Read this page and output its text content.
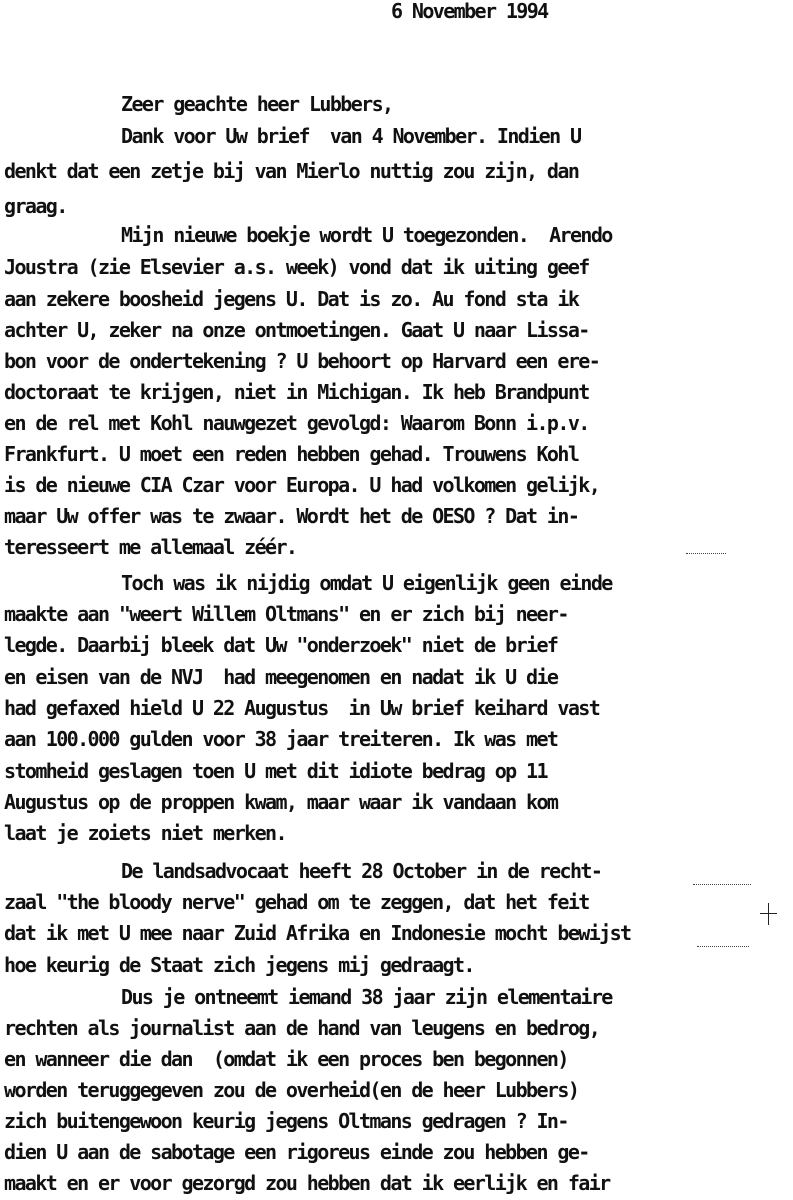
6 November 1994
Zeer geachte heer Lubbers,
Dank voor Uw brief  van 4 November. Indien U
denkt dat een zetje bij van Mierlo nuttig zou zijn, dan
graag.
Mijn nieuwe boekje wordt U toegezonden.  Arendo
Joustra (zie Elsevier a.s. week) vond dat ik uiting geef
aan zekere boosheid jegens U. Dat is zo. Au fond sta ik
achter U, zeker na onze ontmoetingen. Gaat U naar Lissa-
bon voor de ondertekening ? U behoort op Harvard een ere-
doctoraat te krijgen, niet in Michigan. Ik heb Brandpunt
en de rel met Kohl nauwgezet gevolgd: Waarom Bonn i.p.v.
Frankfurt. U moet een reden hebben gehad. Trouwens Kohl
is de nieuwe CIA Czar voor Europa. U had volkomen gelijk,
maar Uw offer was te zwaar. Wordt het de OESO ? Dat in-
teresseert me allemaal zéér.
Toch was ik nijdig omdat U eigenlijk geen einde
maakte aan "weert Willem Oltmans" en er zich bij neer-
legde. Daarbij bleek dat Uw "onderzoek" niet de brief
en eisen van de NVJ  had meegenomen en nadat ik U die
had gefaxed hield U 22 Augustus  in Uw brief keihard vast
aan 100.000 gulden voor 38 jaar treiteren. Ik was met
stomheid geslagen toen U met dit idiote bedrag op 11
Augustus op de proppen kwam, maar waar ik vandaan kom
laat je zoiets niet merken.
De landsadvocaat heeft 28 October in de recht-
zaal "the bloody nerve" gehad om te zeggen, dat het feit
dat ik met U mee naar Zuid Afrika en Indonesie mocht bewijst
hoe keurig de Staat zich jegens mij gedraagt.
Dus je ontneemt iemand 38 jaar zijn elementaire
rechten als journalist aan de hand van leugens en bedrog,
en wanneer die dan  (omdat ik een proces ben begonnen)
worden teruggegeven zou de overheid(en de heer Lubbers)
zich buitengewoon keurig jegens Oltmans gedragen ? In-
dien U aan de sabotage een rigoreus einde zou hebben ge-
maakt en er voor gezorgd zou hebben dat ik eerlijk en fair
